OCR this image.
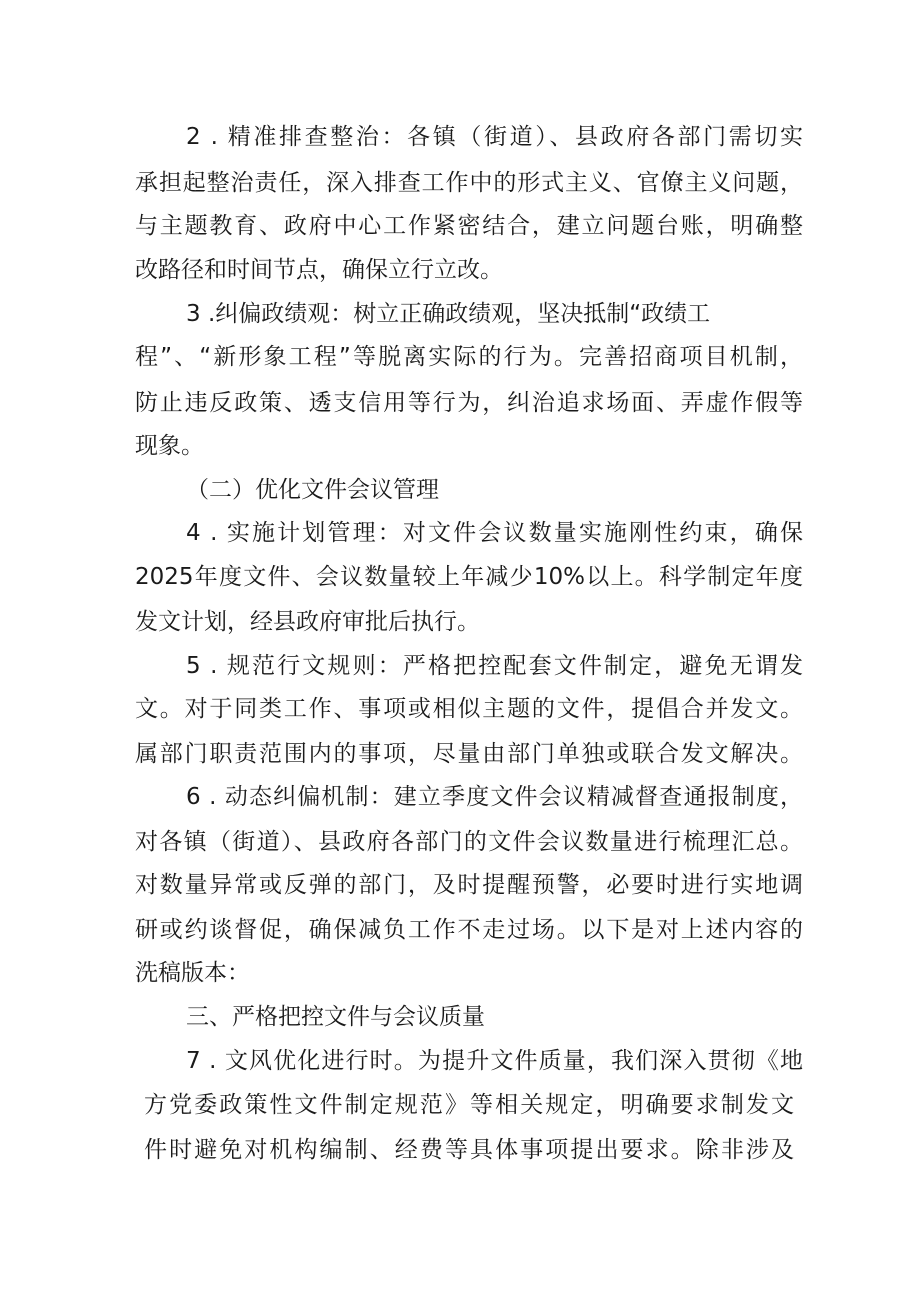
2 . 精准排查整治：各镇（街道）、县政府各部门需切实
承担起整治责任，深入排查工作中的形式主义、官僚主义问题，
与主题教育、政府中心工作紧密结合，建立问题台账，明确整
改路径和时间节点，确保立行立改。
3 .纠偏政绩观：树立正确政绩观，坚决抵制“政绩工
程”、“新形象工程”等脱离实际的行为。完善招商项目机制，
防止违反政策、透支信用等行为，纠治追求场面、弄虚作假等
现象。
（二）优化文件会议管理
4 . 实施计划管理：对文件会议数量实施刚性约束，确保
2025年度文件、会议数量较上年减少10%以上。科学制定年度
发文计划，经县政府审批后执行。
5 . 规范行文规则：严格把控配套文件制定，避免无谓发
文。对于同类工作、事项或相似主题的文件，提倡合并发文。
属部门职责范围内的事项，尽量由部门单独或联合发文解决。
6 . 动态纠偏机制：建立季度文件会议精减督查通报制度，
对各镇（街道）、县政府各部门的文件会议数量进行梳理汇总。
对数量异常或反弹的部门，及时提醒预警，必要时进行实地调
研或约谈督促，确保减负工作不走过场。以下是对上述内容的
洗稿版本：
三、严格把控文件与会议质量
7 . 文风优化进行时。为提升文件质量，我们深入贯彻《地
方党委政策性文件制定规范》等相关规定，明确要求制发文
件时避免对机构编制、经费等具体事项提出要求。除非涉及
